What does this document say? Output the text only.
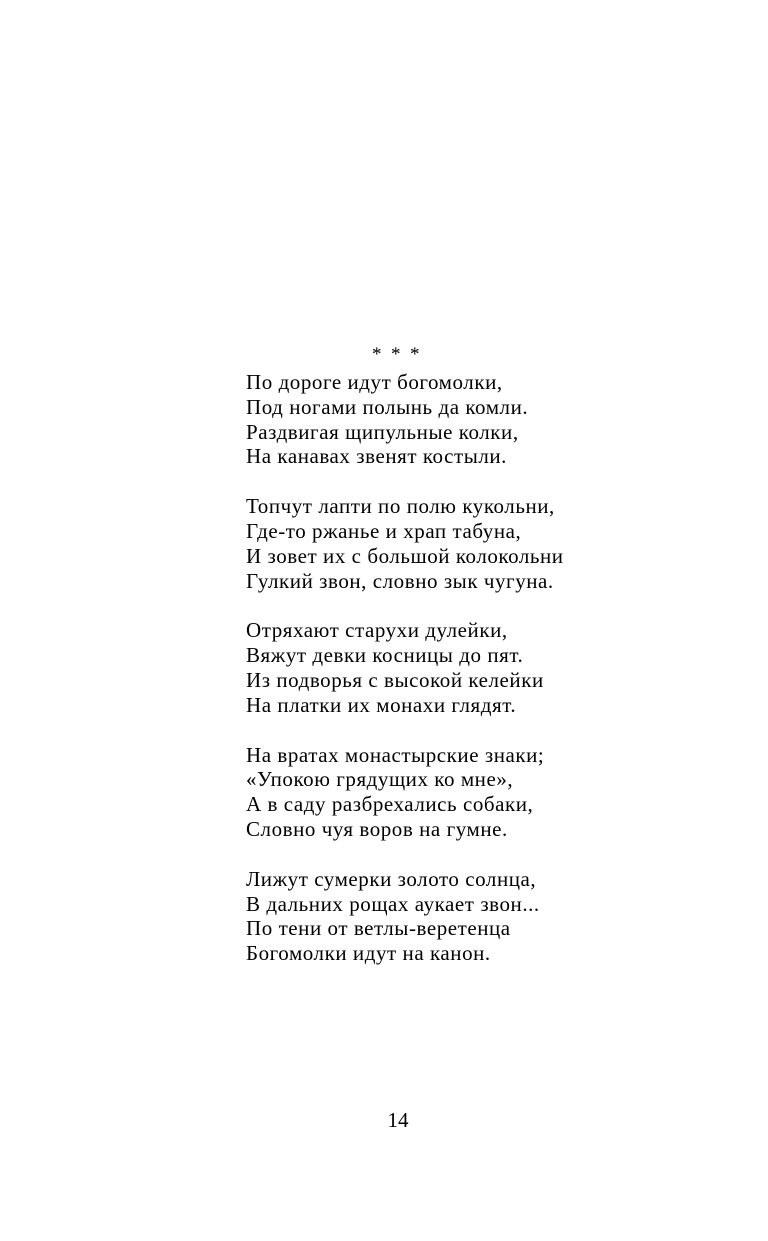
*  *  *
По дороге идут богомолки,
Под ногами полынь да комли.
Раздвигая щипульные колки,
На канавах звенят костыли.
Топчут лапти по полю кукольни,
Где-то ржанье и храп табуна,
И зовет их с большой колокольни
Гулкий звон, словно зык чугуна.
Отряхают старухи дулейки,
Вяжут девки косницы до пят.
Из подворья с высокой келейки
На платки их монахи глядят.
На вратах монастырские знаки;
«Упокою грядущих ко мне»,
А в саду разбрехались собаки,
Словно чуя воров на гумне.
Лижут сумерки золото солнца,
В дальних рощах аукает звон...
По тени от ветлы-веретенца
Богомолки идут на канон.
14
